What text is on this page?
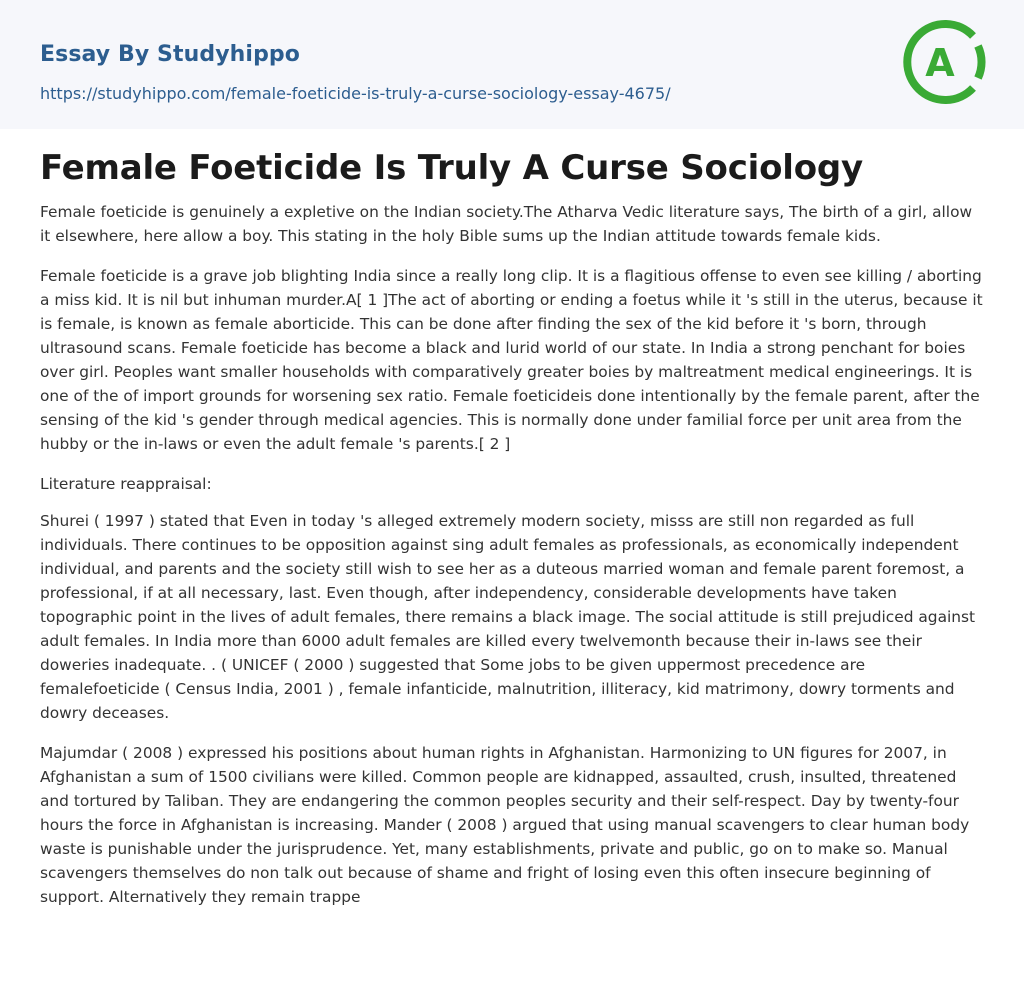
Essay By Studyhippo
https://studyhippo.com/female-foeticide-is-truly-a-curse-sociology-essay-4675/
A
Female Foeticide Is Truly A Curse Sociology

Female foeticide is genuinely a expletive on the Indian society.The Atharva Vedic literature says, The birth of a girl, allow it elsewhere, here allow a boy. This stating in the holy Bible sums up the Indian attitude towards female kids.

Female foeticide is a grave job blighting India since a really long clip. It is a flagitious offense to even see killing / aborting a miss kid. It is nil but inhuman murder.A[ 1 ]The act of aborting or ending a foetus while it 's still in the uterus, because it is female, is known as female aborticide. This can be done after finding the sex of the kid before it 's born, through ultrasound scans. Female foeticide has become a black and lurid world of our state. In India a strong penchant for boies over girl. Peoples want smaller households with comparatively greater boies by maltreatment medical engineerings. It is one of the of import grounds for worsening sex ratio. Female foeticideis done intentionally by the female parent, after the sensing of the kid 's gender through medical agencies. This is normally done under familial force per unit area from the hubby or the in-laws or even the adult female 's parents.[ 2 ]

Literature reappraisal:

Shurei ( 1997 ) stated that Even in today 's alleged extremely modern society, misss are still non regarded as full individuals. There continues to be opposition against sing adult females as professionals, as economically independent individual, and parents and the society still wish to see her as a duteous married woman and female parent foremost, a professional, if at all necessary, last. Even though, after independency, considerable developments have taken topographic point in the lives of adult females, there remains a black image. The social attitude is still prejudiced against adult females. In India more than 6000 adult females are killed every twelvemonth because their in-laws see their doweries inadequate. . ( UNICEF ( 2000 ) suggested that Some jobs to be given uppermost precedence are femalefoeticide ( Census India, 2001 ) , female infanticide, malnutrition, illiteracy, kid matrimony, dowry torments and dowry deceases.

Majumdar ( 2008 ) expressed his positions about human rights in Afghanistan. Harmonizing to UN figures for 2007, in Afghanistan a sum of 1500 civilians were killed. Common people are kidnapped, assaulted, crush, insulted, threatened and tortured by Taliban. They are endangering the common peoples security and their self-respect. Day by twenty-four hours the force in Afghanistan is increasing. Mander ( 2008 ) argued that using manual scavengers to clear human body waste is punishable under the jurisprudence. Yet, many establishments, private and public, go on to make so. Manual scavengers themselves do non talk out because of shame and fright of losing even this often insecure beginning of support. Alternatively they remain trappe
